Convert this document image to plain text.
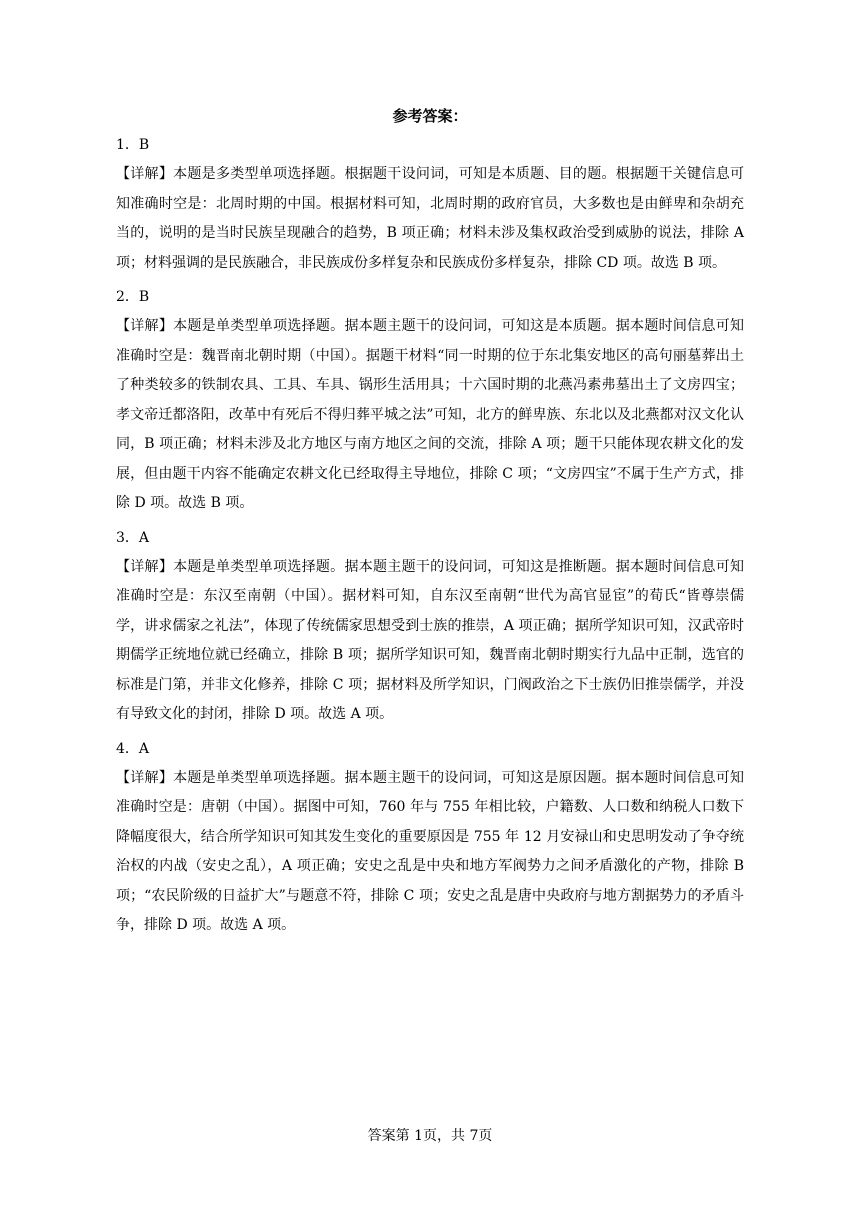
参考答案：
1．B

【详解】本题是多类型单项选择题。根据题干设问词，可知是本质题、目的题。根据题干关键信息可知准确时空是：北周时期的中国。根据材料可知，北周时期的政府官员，大多数也是由鲜卑和杂胡充当的，说明的是当时民族呈现融合的趋势，B 项正确；材料未涉及集权政治受到威胁的说法，排除 A 项；材料强调的是民族融合，非民族成份多样复杂和民族成份多样复杂，排除 CD 项。故选 B 项。

2．B

【详解】本题是单类型单项选择题。据本题主题干的设问词，可知这是本质题。据本题时间信息可知准确时空是：魏晋南北朝时期（中国）。据题干材料“同一时期的位于东北集安地区的高句丽墓葬出土了种类较多的铁制农具、工具、车具、锅形生活用具；十六国时期的北燕冯素弗墓出土了文房四宝；孝文帝迁都洛阳，改革中有死后不得归葬平城之法”可知，北方的鲜卑族、东北以及北燕都对汉文化认同，B 项正确；材料未涉及北方地区与南方地区之间的交流，排除 A 项；题干只能体现农耕文化的发展，但由题干内容不能确定农耕文化已经取得主导地位，排除 C 项；“文房四宝”不属于生产方式，排除 D 项。故选 B 项。

3．A

【详解】本题是单类型单项选择题。据本题主题干的设问词，可知这是推断题。据本题时间信息可知准确时空是：东汉至南朝（中国）。据材料可知，自东汉至南朝“世代为高官显宦”的荀氏“皆尊崇儒学，讲求儒家之礼法”，体现了传统儒家思想受到士族的推崇，A 项正确；据所学知识可知，汉武帝时期儒学正统地位就已经确立，排除 B 项；据所学知识可知，魏晋南北朝时期实行九品中正制，选官的标准是门第，并非文化修养，排除 C 项；据材料及所学知识，门阀政治之下士族仍旧推崇儒学，并没有导致文化的封闭，排除 D 项。故选 A 项。

4．A

【详解】本题是单类型单项选择题。据本题主题干的设问词，可知这是原因题。据本题时间信息可知准确时空是：唐朝（中国）。据图中可知，760 年与 755 年相比较，户籍数、人口数和纳税人口数下降幅度很大，结合所学知识可知其发生变化的重要原因是 755 年 12 月安禄山和史思明发动了争夺统治权的内战（安史之乱），A 项正确；安史之乱是中央和地方军阀势力之间矛盾激化的产物，排除 B 项；“农民阶级的日益扩大”与题意不符，排除 C 项；安史之乱是唐中央政府与地方割据势力的矛盾斗争，排除 D 项。故选 A 项。

答案第 1页，共 7页
